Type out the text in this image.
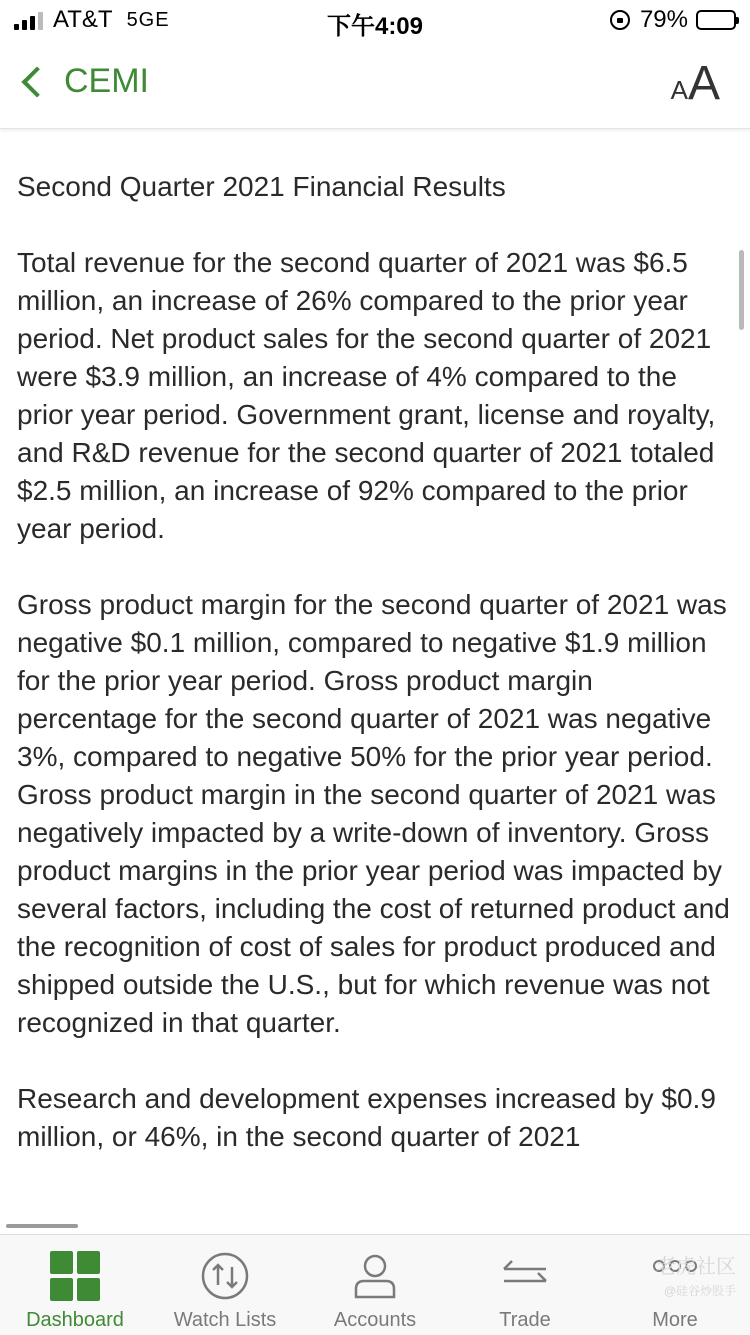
AT&T 5GE	下午4:09	79%
CEMI	AA
Second Quarter 2021 Financial Results

Total revenue for the second quarter of 2021 was $6.5 million, an increase of 26% compared to the prior year period. Net product sales for the second quarter of 2021 were $3.9 million, an increase of 4% compared to the prior year period. Government grant, license and royalty, and R&D revenue for the second quarter of 2021 totaled $2.5 million, an increase of 92% compared to the prior year period.

Gross product margin for the second quarter of 2021 was negative $0.1 million, compared to negative $1.9 million for the prior year period. Gross product margin percentage for the second quarter of 2021 was negative 3%, compared to negative 50% for the prior year period. Gross product margin in the second quarter of 2021 was negatively impacted by a write-down of inventory. Gross product margins in the prior year period was impacted by several factors, including the cost of returned product and the recognition of cost of sales for product produced and shipped outside the U.S., but for which revenue was not recognized in that quarter.

Research and development expenses increased by $0.9 million, or 46%, in the second quarter of 2021

Dashboard	Watch Lists	Accounts	Trade	More
老虎社区
@硅谷炒股手
